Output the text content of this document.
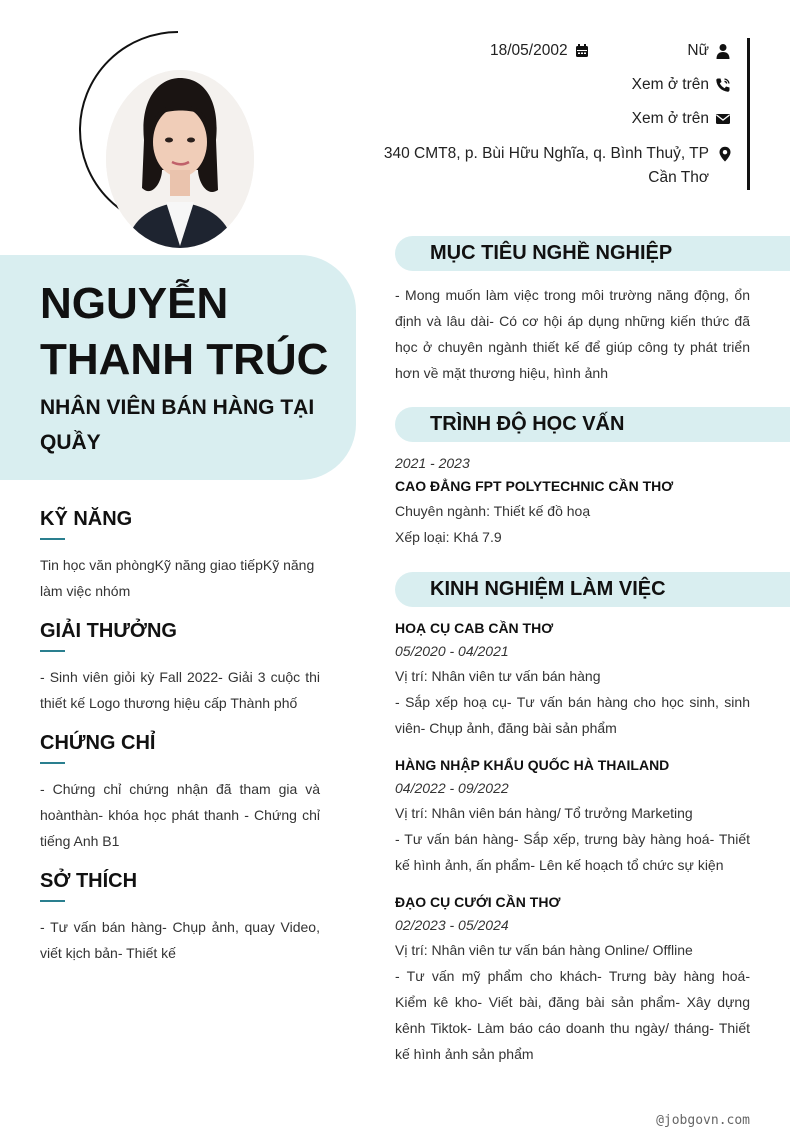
18/05/2002	Nữ
Xem ở trên
Xem ở trên
340 CMT8, p. Bùi Hữu Nghĩa, q. Bình Thuỷ, TP Cần Thơ
NGUYỄN THANH TRÚC
NHÂN VIÊN BÁN HÀNG TẠI QUẦY
KỸ NĂNG
Tin học văn phòngKỹ năng giao tiếpKỹ năng làm việc nhóm
GIẢI THƯỞNG
- Sinh viên giỏi kỳ Fall 2022- Giải 3 cuộc thi thiết kế Logo thương hiệu cấp Thành phố
CHỨNG CHỈ
- Chứng chỉ chứng nhận đã tham gia và hoànthàn- khóa học phát thanh - Chứng chỉ tiếng Anh B1
SỞ THÍCH
- Tư vấn bán hàng- Chụp ảnh, quay Video, viết kịch bản- Thiết kế
MỤC TIÊU NGHỀ NGHIỆP

- Mong muốn làm việc trong môi trường năng động, ổn định và lâu dài- Có cơ hội áp dụng những kiến thức đã học ở chuyên ngành thiết kế để giúp công ty phát triển hơn về mặt thương hiệu, hình ảnh

TRÌNH ĐỘ HỌC VẤN
2021 - 2023
CAO ĐẲNG FPT POLYTECHNIC CẦN THƠ
Chuyên ngành: Thiết kế đồ hoạ
Xếp loại: Khá 7.9
KINH NGHIỆM LÀM VIỆC
HOẠ CỤ CAB CẦN THƠ
05/2020 - 04/2021
Vị trí: Nhân viên tư vấn bán hàng

- Sắp xếp hoạ cụ- Tư vấn bán hàng cho học sinh, sinh viên- Chụp ảnh, đăng bài sản phẩm

HÀNG NHẬP KHẨU QUỐC HÀ THAILAND
04/2022 - 09/2022
Vị trí: Nhân viên bán hàng/ Tổ trưởng Marketing

- Tư vấn bán hàng- Sắp xếp, trưng bày hàng hoá- Thiết kế hình ảnh, ấn phẩm- Lên kế hoạch tổ chức sự kiện

ĐẠO CỤ CƯỚI CẦN THƠ
02/2023 - 05/2024
Vị trí: Nhân viên tư vấn bán hàng Online/ Offline

- Tư vấn mỹ phẩm cho khách- Trưng bày hàng hoá- Kiểm kê kho- Viết bài, đăng bài sản phẩm- Xây dựng kênh Tiktok- Làm báo cáo doanh thu ngày/ tháng- Thiết kế hình ảnh sản phẩm

@jobgovn.com
